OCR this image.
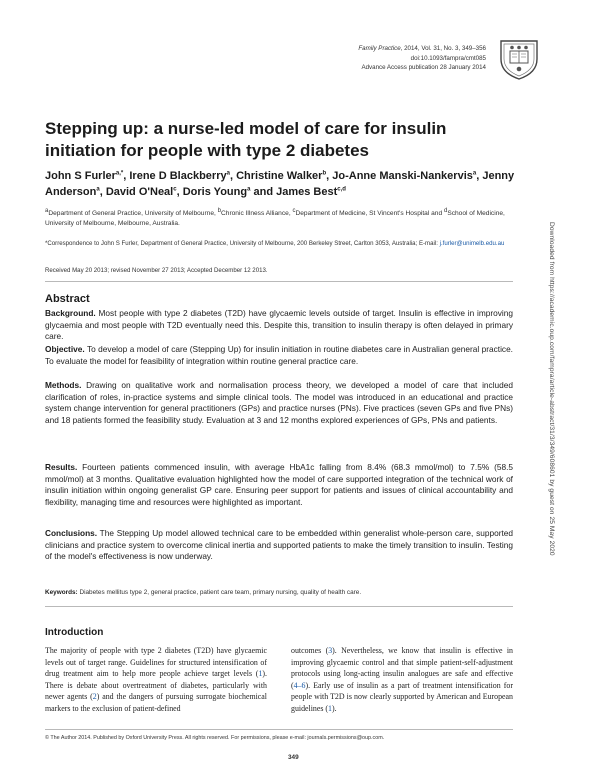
Family Practice, 2014, Vol. 31, No. 3, 349–356
doi:10.1093/fampra/cmt085
Advance Access publication 28 January 2014
Downloaded from https://academic.oup.com/fampra/article-abstract/31/3/349/608601 by guest on 25 May 2020
Stepping up: a nurse-led model of care for insulin initiation for people with type 2 diabetes
John S Furler$^{a,*}$, Irene D Blackberry$^a$, Christine Walker$^b$, Jo-Anne Manski-Nankervis$^a$, Jenny Anderson$^a$, David O'Neal$^c$, Doris Young$^a$ and James Best$^{c,d}$
$^a$Department of General Practice, University of Melbourne, $^b$Chronic Illness Alliance, $^c$Department of Medicine, St Vincent's Hospital and $^d$School of Medicine, University of Melbourne, Melbourne, Australia.
*Correspondence to John S Furler, Department of General Practice, University of Melbourne, 200 Berkeley Street, Carlton 3053, Australia; E-mail: j.furler@unimelb.edu.au
Received May 20 2013; revised November 27 2013; Accepted December 12 2013.
Abstract

Background. Most people with type 2 diabetes (T2D) have glycaemic levels outside of target. Insulin is effective in improving glycaemia and most people with T2D eventually need this. Despite this, transition to insulin therapy is often delayed in primary care.

Objective. To develop a model of care (Stepping Up) for insulin initiation in routine diabetes care in Australian general practice. To evaluate the model for feasibility of integration within routine general practice care.

Methods. Drawing on qualitative work and normalisation process theory, we developed a model of care that included clarification of roles, in-practice systems and simple clinical tools. The model was introduced in an educational and practice system change intervention for general practitioners (GPs) and practice nurses (PNs). Five practices (seven GPs and five PNs) and 18 patients formed the feasibility study. Evaluation at 3 and 12 months explored experiences of GPs, PNs and patients.

Results. Fourteen patients commenced insulin, with average HbA1c falling from 8.4% (68.3 mmol/mol) to 7.5% (58.5 mmol/mol) at 3 months. Qualitative evaluation highlighted how the model of care supported integration of the technical work of insulin initiation within ongoing generalist GP care. Ensuring peer support for patients and issues of clinical accountability and flexibility, managing time and resources were highlighted as important.

Conclusions. The Stepping Up model allowed technical care to be embedded within generalist whole-person care, supported clinicians and practice system to overcome clinical inertia and supported patients to make the timely transition to insulin. Testing of the model's effectiveness is now underway.

Keywords: Diabetes mellitus type 2, general practice, patient care team, primary nursing, quality of health care.
Introduction

The majority of people with type 2 diabetes (T2D) have glycaemic levels out of target range. Guidelines for structured intensification of drug treatment aim to help more people achieve target levels (1). There is debate about overtreatment of diabetes, particularly with newer agents (2) and the dangers of pursuing surrogate biochemical markers to the exclusion of patient-defined

outcomes (3). Nevertheless, we know that insulin is effective in improving glycaemic control and that simple patient-self-adjustment protocols using long-acting insulin analogues are safe and effective (4–6). Early use of insulin as a part of treatment intensification for people with T2D is now clearly supported by American and European guidelines (1).

© The Author 2014. Published by Oxford University Press. All rights reserved. For permissions, please e-mail: journals.permissions@oup.com.
349
